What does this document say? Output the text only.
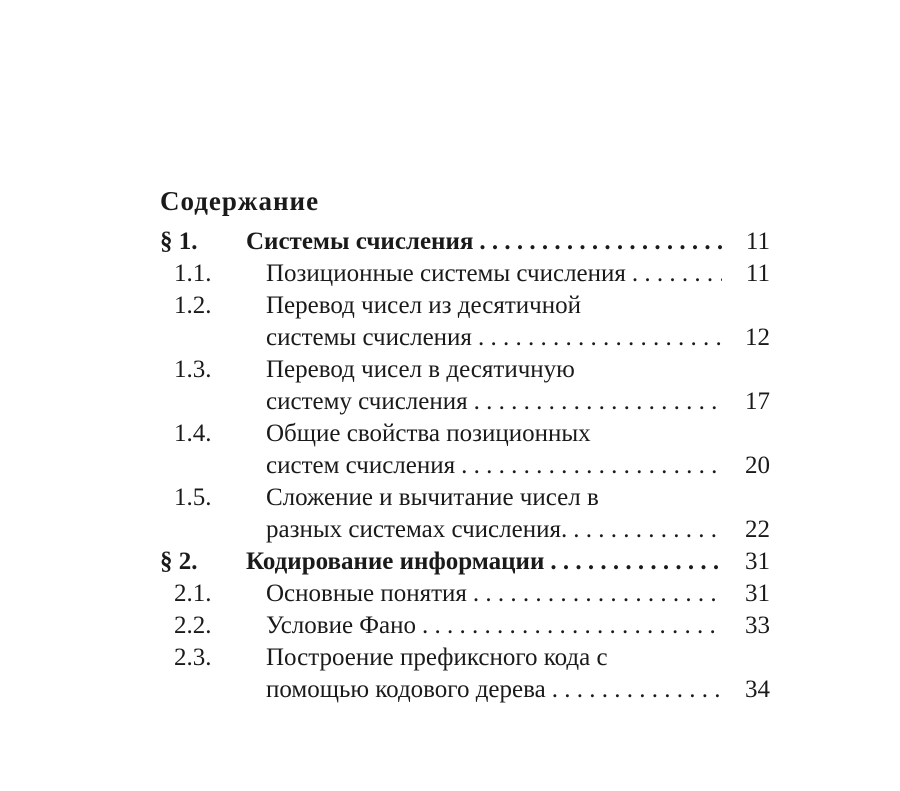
Содержание
§ 1. Системы счисления . . .	11
1.1. Позиционные системы счисления . . .	11
1.2. Перевод чисел из десятичной
системы счисления . . .	12
1.3. Перевод чисел в десятичную
систему счисления . . .	17
1.4. Общие свойства позиционных
систем счисления . . .	20
1.5. Сложение и вычитание чисел в
разных системах счисления. . . .	22
§ 2. Кодирование информации . . .	31
2.1. Основные понятия . . .	31
2.2. Условие Фано . . .	33
2.3. Построение префиксного кода с
помощью кодового дерева . . .	34
